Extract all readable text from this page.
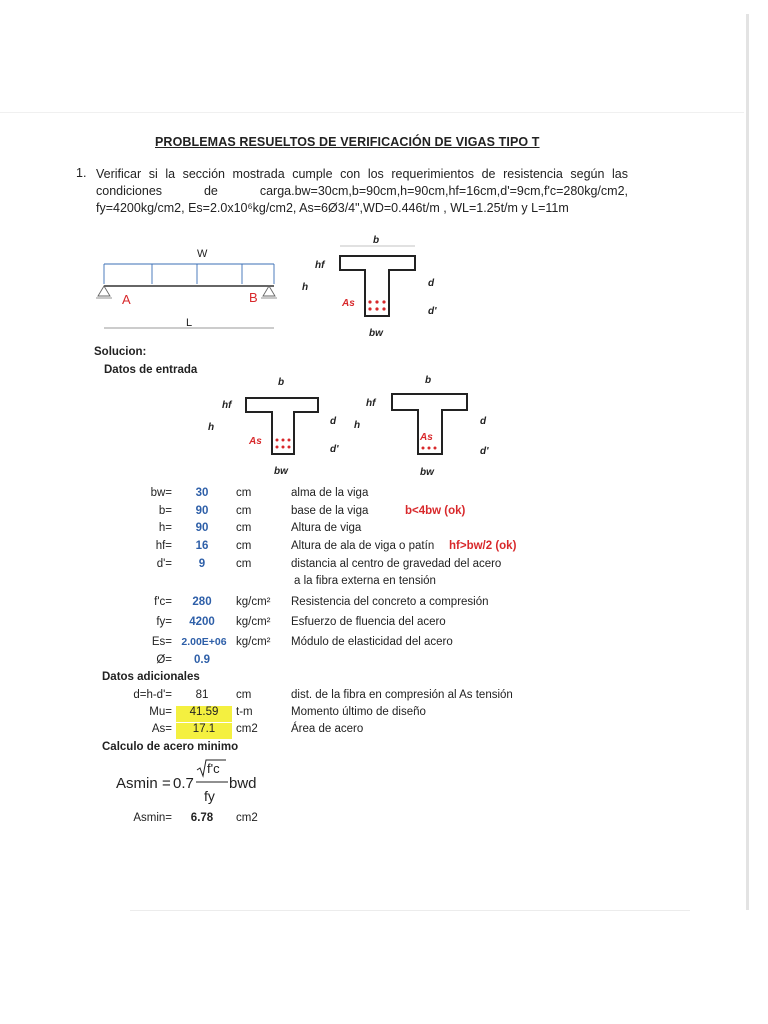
PROBLEMAS RESUELTOS DE VERIFICACIÓN DE VIGAS TIPO T
1. Verificar si la sección mostrada cumple con los requerimientos de resistencia según las
condiciones de carga.bw=30cm,b=90cm,h=90cm,hf=16cm,d'=9cm,f'c=280kg/cm2,
fy=4200kg/cm2, Es=2.0x10⁶kg/cm2, As=6Ø3/4",WD=0.446t/m , WL=1.25t/m y L=11m
W
A	B
L
b
hf
h	d
d'
As
bw
Solucion:
Datos de entrada
b
hf
h
d
d'
As
bw
b
hf
h	d
d'
As
bw
bw=	30	cm	alma de la viga
b=	90	cm	base de la viga	b<4bw (ok)
h=	90	cm	Altura de viga
hf=	16	cm	Altura de ala de viga o patín hf>bw/2 (ok)
d'=	9	cm	distancia al centro de gravedad del acero
a la fibra externa en tensión
f'c=	280	kg/cm² Resistencia del concreto a compresión
fy=	4200	kg/cm² Esfuerzo de fluencia del acero
Es= 2.00E+06 kg/cm² Módulo de elasticidad del acero
Ø=	0.9
Datos adicionales
d=h-d'=	81	cm	dist. de la fibra en compresión al As tensión
Mu=	41.59	t-m	Momento último de diseño
As=	17.1	cm2	Área de acero
Calculo de acero minimo
Asmin = 0.7
f'c
fy
bwd
Asmin=	6.78	cm2
